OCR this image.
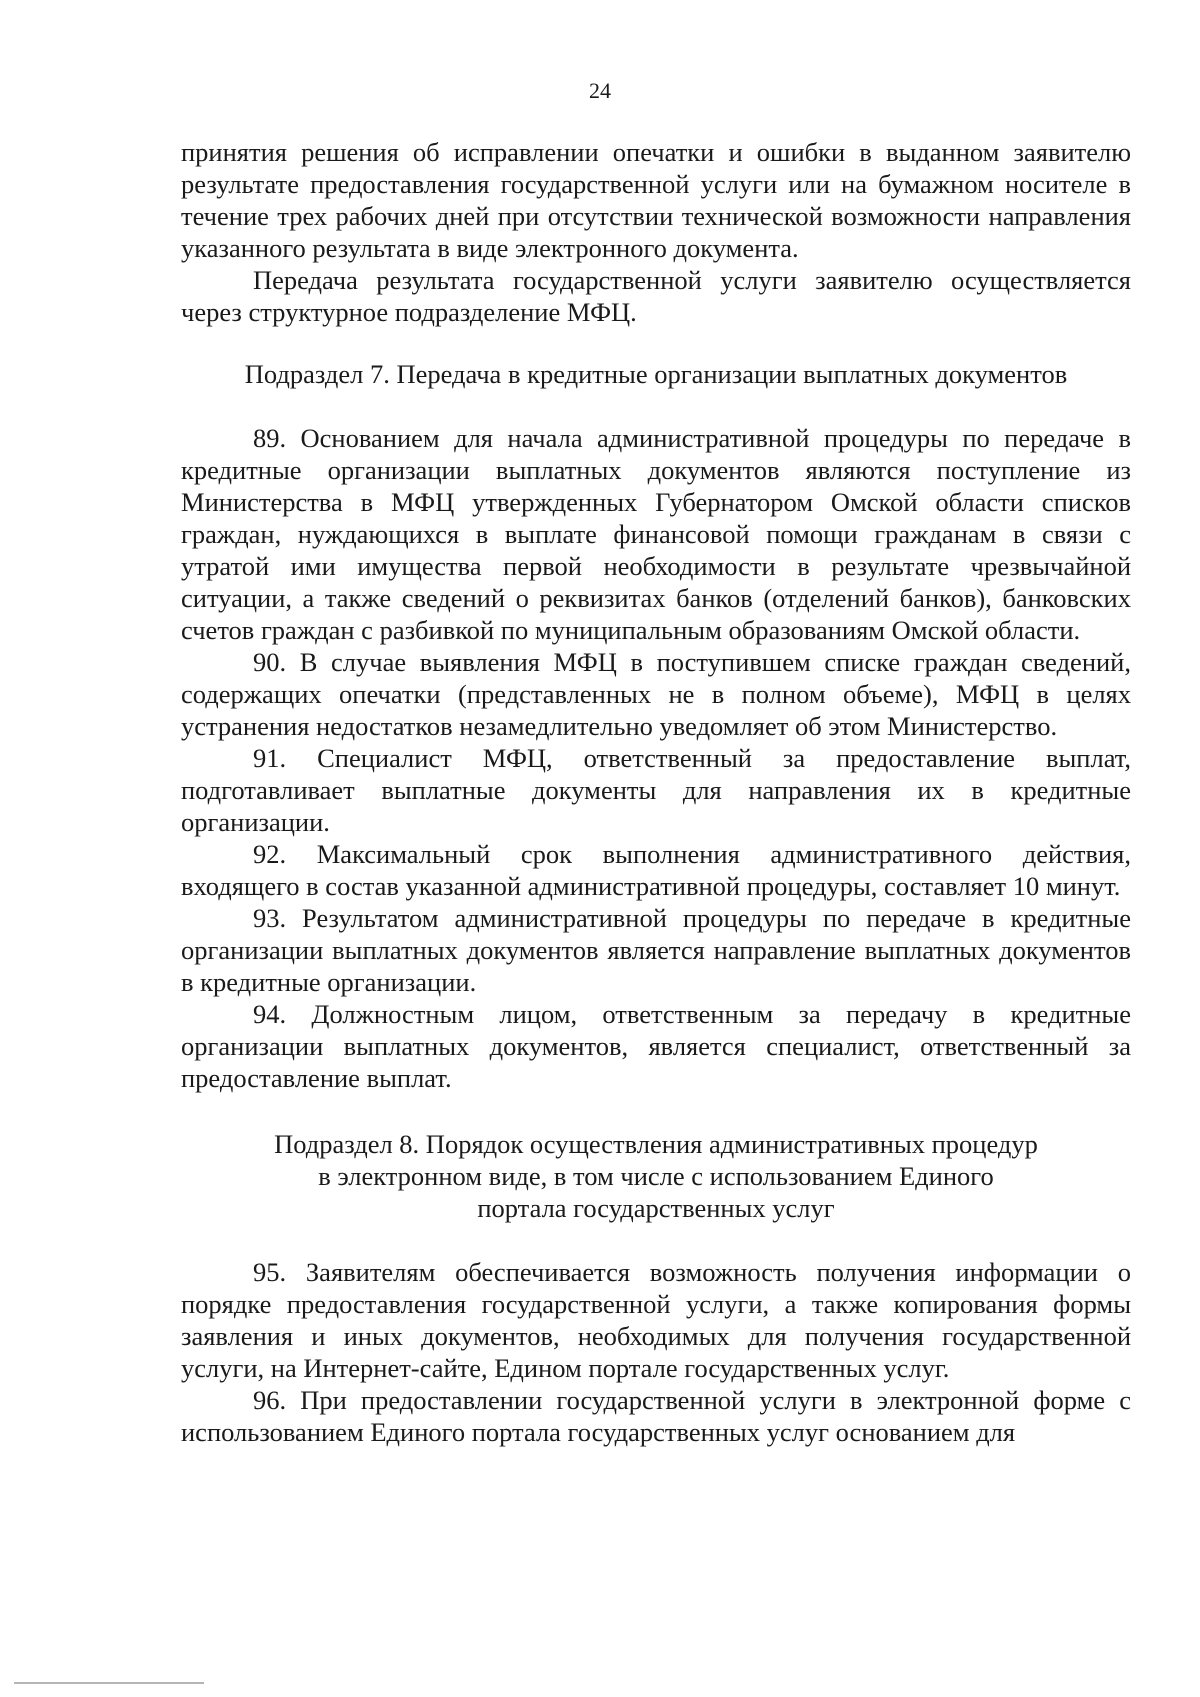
24

принятия решения об исправлении опечатки и ошибки в выданном заявителю результате предоставления государственной услуги или на бумажном носителе в течение трех рабочих дней при отсутствии технической возможности направления указанного результата в виде электронного документа.

Передача результата государственной услуги заявителю осуществляется через структурное подразделение МФЦ.

Подраздел 7. Передача в кредитные организации выплатных документов

89. Основанием для начала административной процедуры по передаче в кредитные организации выплатных документов являются поступление из Министерства в МФЦ утвержденных Губернатором Омской области списков граждан, нуждающихся в выплате финансовой помощи гражданам в связи с утратой ими имущества первой необходимости в результате чрезвычайной ситуации, а также сведений о реквизитах банков (отделений банков), банковских счетов граждан с разбивкой по муниципальным образованиям Омской области.

90. В случае выявления МФЦ в поступившем списке граждан сведений, содержащих опечатки (представленных не в полном объеме), МФЦ в целях устранения недостатков незамедлительно уведомляет об этом Министерство.

91. Специалист МФЦ, ответственный за предоставление выплат, подготавливает выплатные документы для направления их в кредитные организации.

92. Максимальный срок выполнения административного действия, входящего в состав указанной административной процедуры, составляет 10 минут.

93. Результатом административной процедуры по передаче в кредитные организации выплатных документов является направление выплатных документов в кредитные организации.

94. Должностным лицом, ответственным за передачу в кредитные организации выплатных документов, является специалист, ответственный за предоставление выплат.

Подраздел 8. Порядок осуществления административных процедур

в электронном виде, в том числе с использованием Единого

портала государственных услуг

95. Заявителям обеспечивается возможность получения информации о порядке предоставления государственной услуги, а также копирования формы заявления и иных документов, необходимых для получения государственной услуги, на Интернет-сайте, Едином портале государственных услуг.

96. При предоставлении государственной услуги в электронной форме с использованием Единого портала государственных услуг основанием для
